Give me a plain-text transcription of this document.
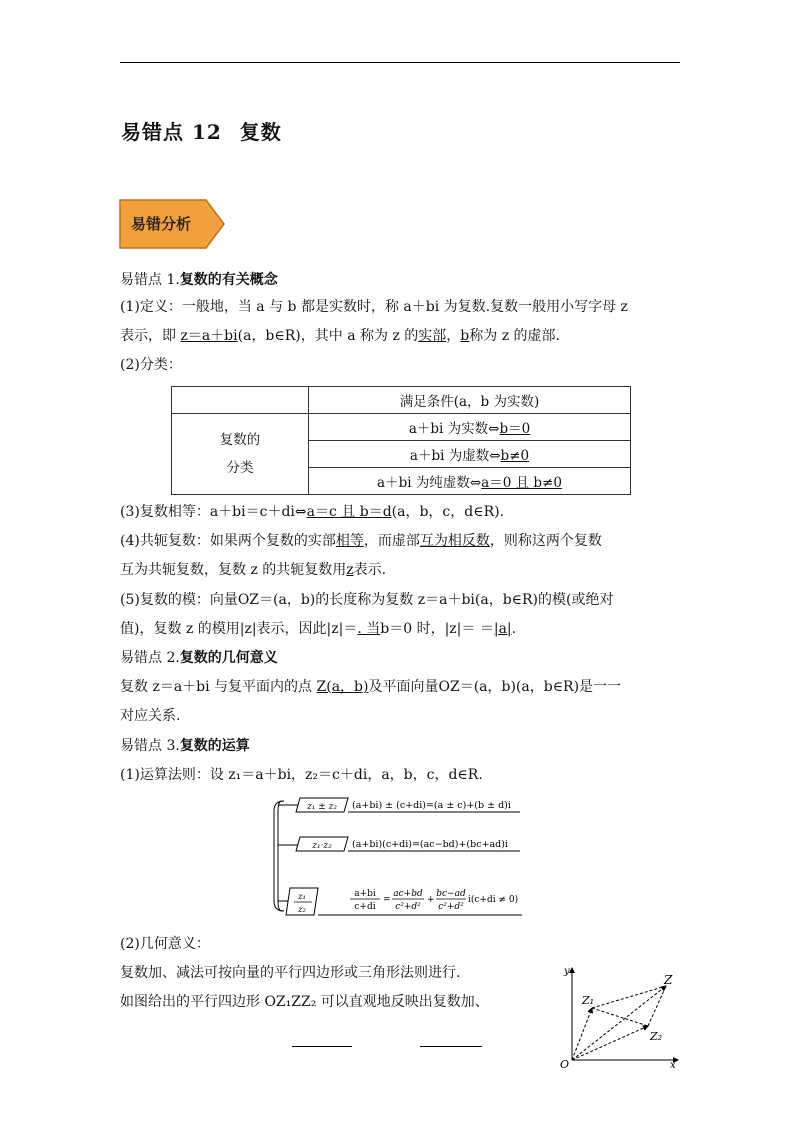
易错点 12 复数
易错分析
易错点 1.复数的有关概念
(1)定义：一般地，当 a 与 b 都是实数时，称 a＋bi 为复数.复数一般用小写字母 z
表示，即 z＝a＋bi(a，b∈R)，其中 a 称为 z 的实部，b称为 z 的虚部.
(2)分类：
	满足条件(a，b 为实数)

复数的
分类	a＋bi 为实数⇔b＝0
	a＋bi 为虚数⇔b≠0
	a＋bi 为纯虚数⇔a＝0 且 b≠0
(3)复数相等：a＋bi＝c＋di⇔a＝c 且 b＝d(a，b，c，d∈R).
(4)共轭复数：如果两个复数的实部相等，而虚部互为相反数，则称这两个复数
互为共轭复数，复数 z 的共轭复数用z表示.
(5)复数的模：向量OZ＝(a，b)的长度称为复数 z＝a＋bi(a，b∈R)的模(或绝对
值)，复数 z 的模用|z|表示，因此|z|＝. 当b＝0 时，|z|＝ ＝|a|.
易错点 2.复数的几何意义
复数 z＝a＋bi 与复平面内的点 Z(a，b)及平面向量OZ＝(a，b)(a，b∈R)是一一
对应关系.
易错点 3.复数的运算
(1)运算法则：设 z₁＝a＋bi，z₂＝c＋di，a，b，c，d∈R.
z₁ ± z₂ (a+bi) ± (c+di)=(a ± c)+(b ± d)i
z₁·z₂ (a+bi)(c+di)=(ac−bd)+(bc+ad)i
z₁
z₂
a+bi
c+di
=
ac+bd
c²+d²
+
bc−ad
c²+d²
i(c+di ≠ 0)
(2)几何意义：
复数加、减法可按向量的平行四边形或三角形法则进行.
如图给出的平行四边形 OZ₁ZZ₂ 可以直观地反映出复数加、
y
x
O
Z
Z₁
Z₂
